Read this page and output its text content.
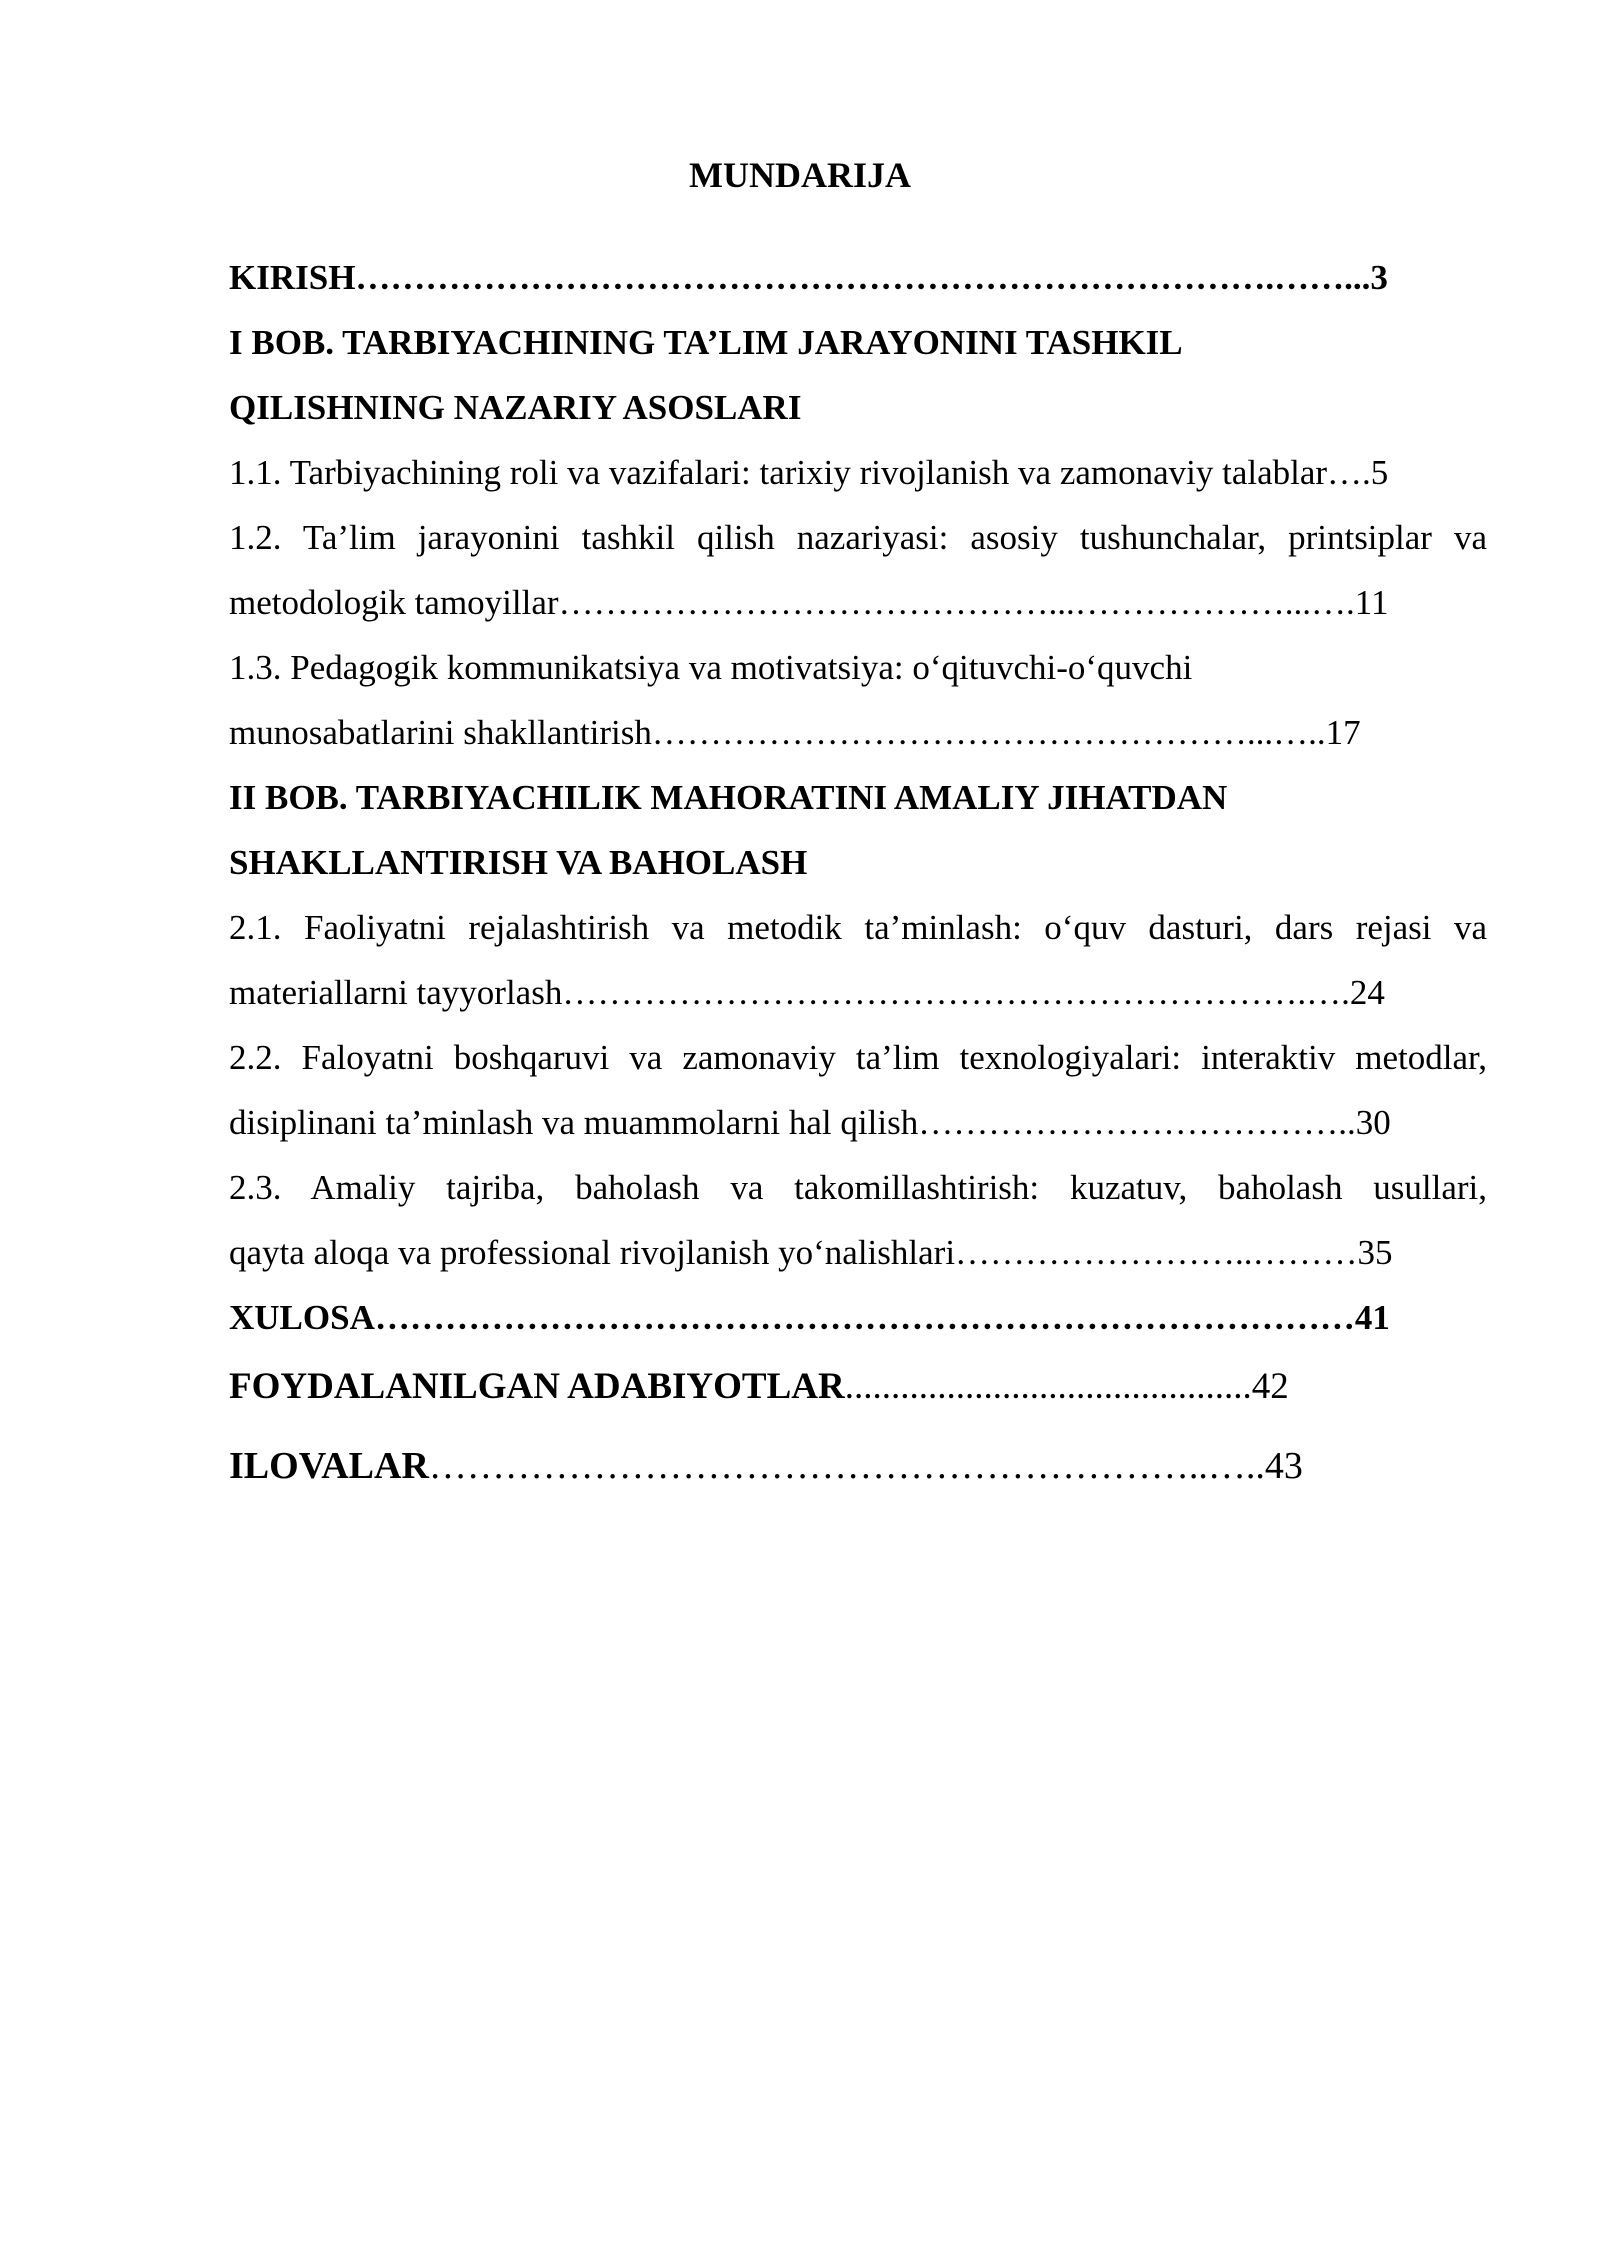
MUNDARIJA
KIRISH…………………………………………………………………….……...3
I BOB. TARBIYACHINING TA’LIM JARAYONINI TASHKIL
QILISHNING NAZARIY ASOSLARI
1.1. Tarbiyachining roli va vazifalari: tarixiy rivojlanish va zamonaviy talablar….5
1.2. Ta’lim jarayonini tashkil qilish nazariyasi: asosiy tushunchalar, printsiplar va
metodologik tamoyillar……………………………………...………………...….11
1.3. Pedagogik kommunikatsiya va motivatsiya: o‘qituvchi-o‘quvchi
munosabatlarini shakllantirish……………………………………………...…..17
II BOB. TARBIYACHILIK MAHORATINI AMALIY JIHATDAN
SHAKLLANTIRISH VA BAHOLASH
2.1. Faoliyatni rejalashtirish va metodik ta’minlash: o‘quv dasturi, dars rejasi va
materiallarni tayyorlash……………………………………………………….….24
2.2. Faloyatni boshqaruvi va zamonaviy ta’lim texnologiyalari: interaktiv metodlar,
disiplinani ta’minlash va muammolarni hal qilish………………………………..30
2.3. Amaliy tajriba, baholash va takomillashtirish: kuzatuv, baholash usullari,
qayta aloqa va professional rivojlanish yo‘nalishlari……………………..………35
XULOSA…………………………………………………………………………41
FOYDALANILGAN ADABIYOTLAR............................................42
ILOVALAR……………………………………………………..…..43
